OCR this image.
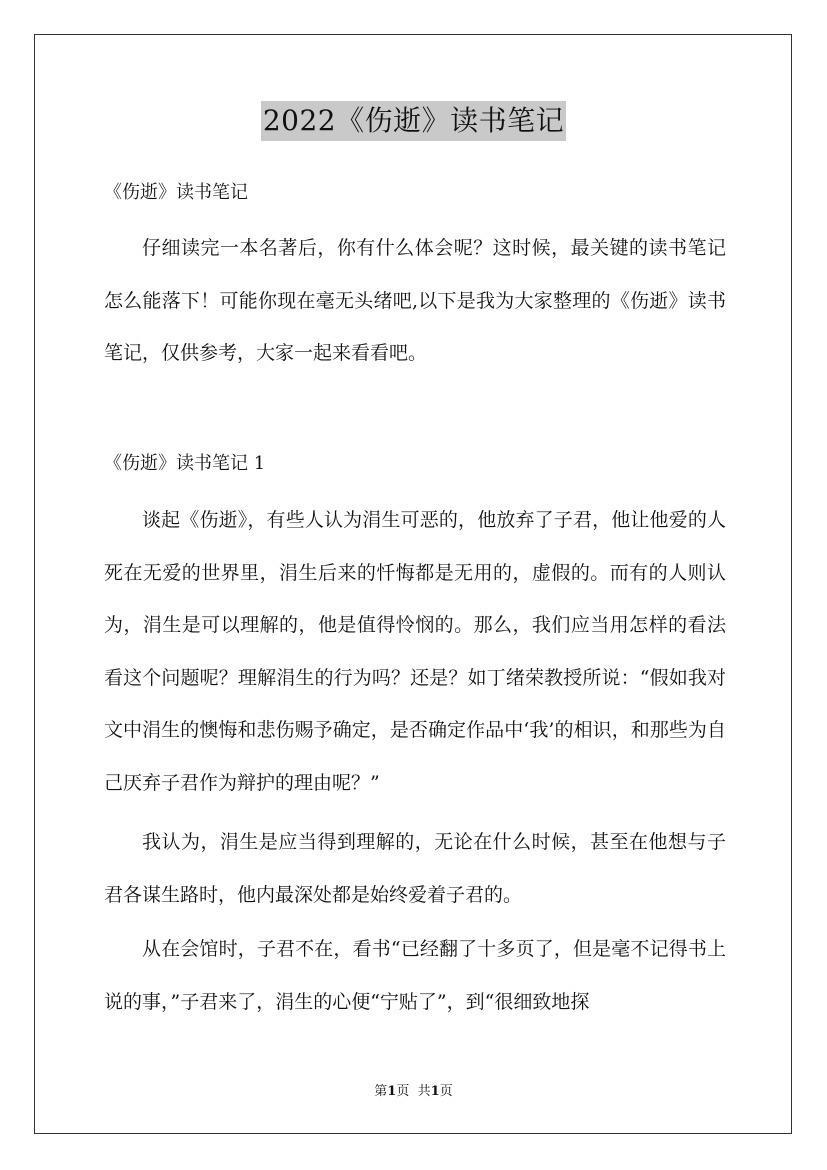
2022《伤逝》读书笔记
《伤逝》读书笔记

仔细读完一本名著后，你有什么体会呢？这时候，最关键的读书笔记怎么能落下！可能你现在毫无头绪吧,以下是我为大家整理的《伤逝》读书笔记，仅供参考，大家一起来看看吧。

《伤逝》读书笔记 1

谈起《伤逝》，有些人认为涓生可恶的，他放弃了子君，他让他爱的人死在无爱的世界里，涓生后来的忏悔都是无用的，虚假的。而有的人则认为，涓生是可以理解的，他是值得怜悯的。那么，我们应当用怎样的看法看这个问题呢？理解涓生的行为吗？还是？如丁绪荣教授所说：“假如我对文中涓生的懊悔和悲伤赐予确定，是否确定作品中‘我’的相识，和那些为自己厌弃子君作为辩护的理由呢？”

我认为，涓生是应当得到理解的，无论在什么时候，甚至在他想与子君各谋生路时，他内最深处都是始终爱着子君的。

从在会馆时，子君不在，看书“已经翻了十多页了，但是毫不记得书上说的事，”子君来了，涓生的心便“宁贴了”，到“很细致地探

第1页 共1页
